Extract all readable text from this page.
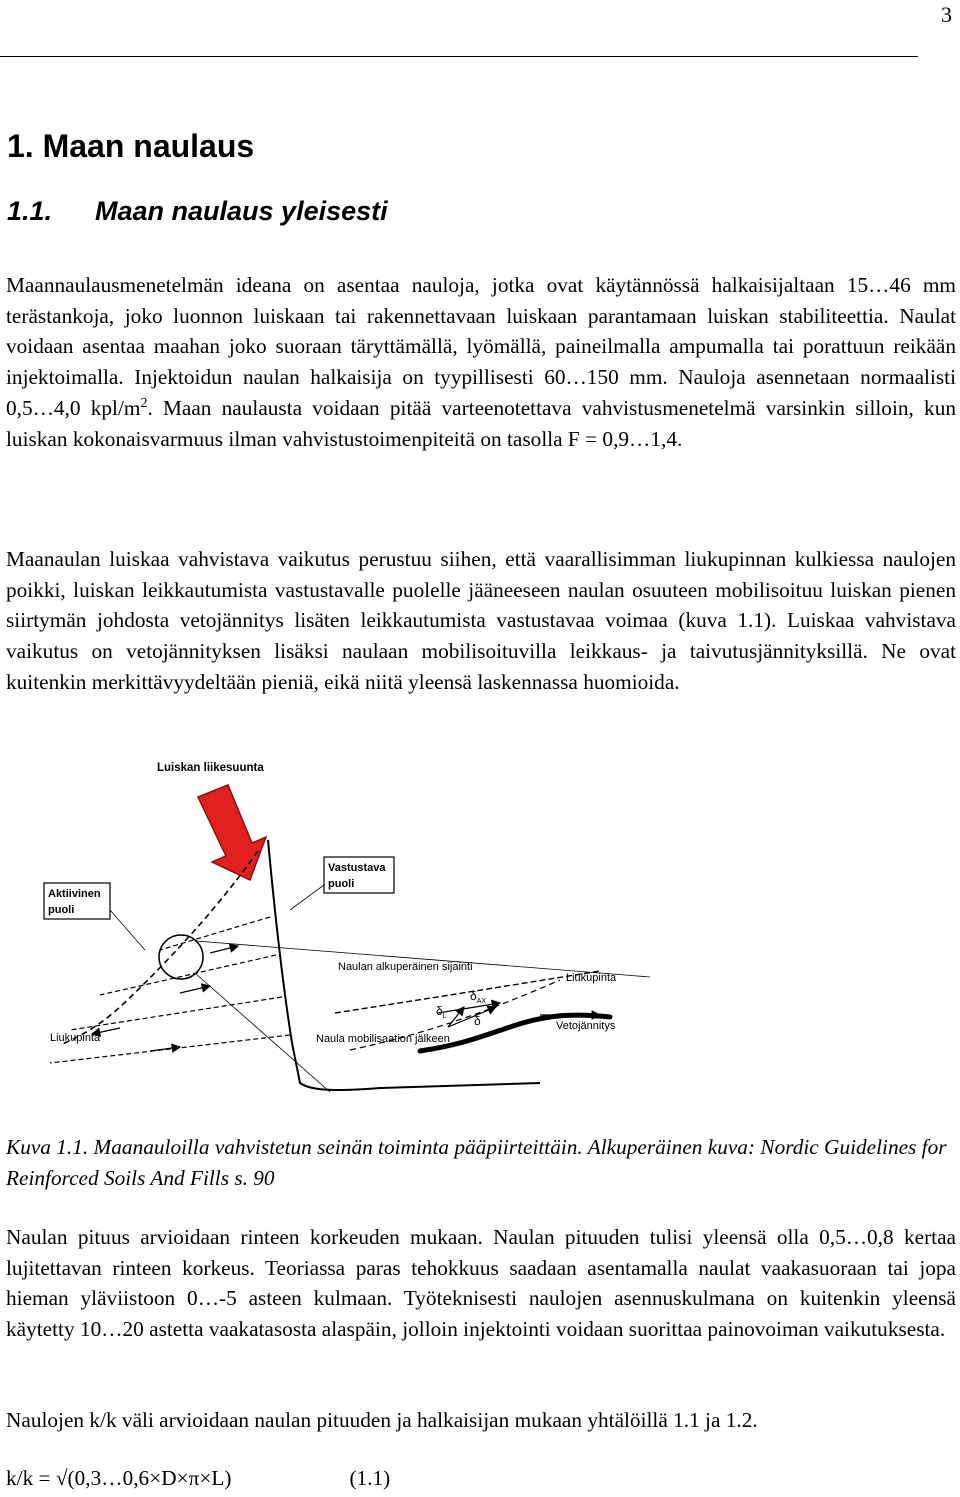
3
1. Maan naulaus
1.1. Maan naulaus yleisesti

Maannaulausmenetelmän ideana on asentaa nauloja, jotka ovat käytännössä halkaisijaltaan 15…46 mm terästankoja, joko luonnon luiskaan tai rakennettavaan luiskaan parantamaan luiskan stabiliteettia. Naulat voidaan asentaa maahan joko suoraan täryttämällä, lyömällä, paineilmalla ampumalla tai porattuun reikään injektoimalla. Injektoidun naulan halkaisija on tyypillisesti 60…150 mm. Nauloja asennetaan normaalisti 0,5…4,0 kpl/$m^2$. Maan naulausta voidaan pitää varteenotettava vahvistusmenetelmä varsinkin silloin, kun luiskan kokonaisvarmuus ilman vahvistustoimenpiteitä on tasolla F = 0,9…1,4.

Maanaulan luiskaa vahvistava vaikutus perustuu siihen, että vaarallisimman liukupinnan kulkiessa naulojen poikki, luiskan leikkautumista vastustavalle puolelle jääneeseen naulan osuuteen mobilisoituu luiskan pienen siirtymän johdosta vetojännitys lisäten leikkautumista vastustavaa voimaa (kuva 1.1). Luiskaa vahvistava vaikutus on vetojännityksen lisäksi naulaan mobilisoituvilla leikkaus- ja taivutusjännityksillä. Ne ovat kuitenkin merkittävyydeltään pieniä, eikä niitä yleensä laskennassa huomioida.

Luiskan liikesuunta
Vastustava
puoli
Aktiivinen
puoli
Naulan alkuperäinen sijainti
Liukupinta
Liukupinta
$\delta_{AX}$
$\delta_L$ δ	Vetojännitys
Naula mobilisaation jälkeen

Kuva 1.1. Maanauloilla vahvistetun seinän toiminta pääpiirteittäin. Alkuperäinen kuva: Nordic Guidelines for Reinforced Soils And Fills s. 90

Naulan pituus arvioidaan rinteen korkeuden mukaan. Naulan pituuden tulisi yleensä olla 0,5…0,8 kertaa lujitettavan rinteen korkeus. Teoriassa paras tehokkuus saadaan asentamalla naulat vaakasuoraan tai jopa hieman yläviistoon 0…-5 asteen kulmaan. Työteknisesti naulojen asennuskulmana on kuitenkin yleensä käytetty 10…20 astetta vaakatasosta alaspäin, jolloin injektointi voidaan suorittaa painovoiman vaikutuksesta.

Naulojen k/k väli arvioidaan naulan pituuden ja halkaisijan mukaan yhtälöillä 1.1 ja 1.2.

k/k = √(0,3…0,6×D×π×L)	(1.1)
